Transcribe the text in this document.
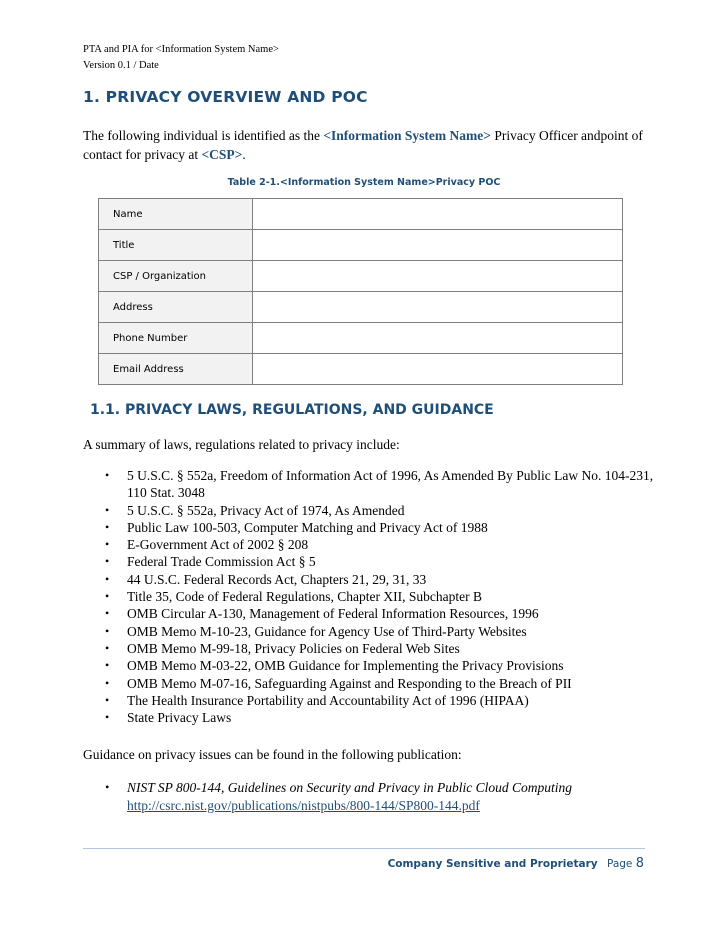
PTA and PIA for <Information System Name>
Version 0.1 / Date
1. PRIVACY OVERVIEW AND POC

The following individual is identified as the <Information System Name> Privacy Officer andpoint of contact for privacy at <CSP>.

Table 2-1.<Information System Name>Privacy POC
Name	
Title	
CSP / Organization	
Address	
Phone Number	
Email Address	
1.1. PRIVACY LAWS, REGULATIONS, AND GUIDANCE

A summary of laws, regulations related to privacy include:

• 5 U.S.C. § 552a, Freedom of Information Act of 1996, As Amended By Public Law No. 104-231, 110 Stat. 3048
• 5 U.S.C. § 552a, Privacy Act of 1974, As Amended
• Public Law 100-503, Computer Matching and Privacy Act of 1988
• E-Government Act of 2002 § 208
• Federal Trade Commission Act § 5
• 44 U.S.C. Federal Records Act, Chapters 21, 29, 31, 33
• Title 35, Code of Federal Regulations, Chapter XII, Subchapter B
• OMB Circular A-130, Management of Federal Information Resources, 1996
• OMB Memo M-10-23, Guidance for Agency Use of Third-Party Websites
• OMB Memo M-99-18, Privacy Policies on Federal Web Sites
• OMB Memo M-03-22, OMB Guidance for Implementing the Privacy Provisions
• OMB Memo M-07-16, Safeguarding Against and Responding to the Breach of PII
• The Health Insurance Portability and Accountability Act of 1996 (HIPAA)
• State Privacy Laws

Guidance on privacy issues can be found in the following publication:

• NIST SP 800-144, Guidelines on Security and Privacy in Public Cloud Computing
http://csrc.nist.gov/publications/nistpubs/800-144/SP800-144.pdf
Company Sensitive and Proprietary Page 8
